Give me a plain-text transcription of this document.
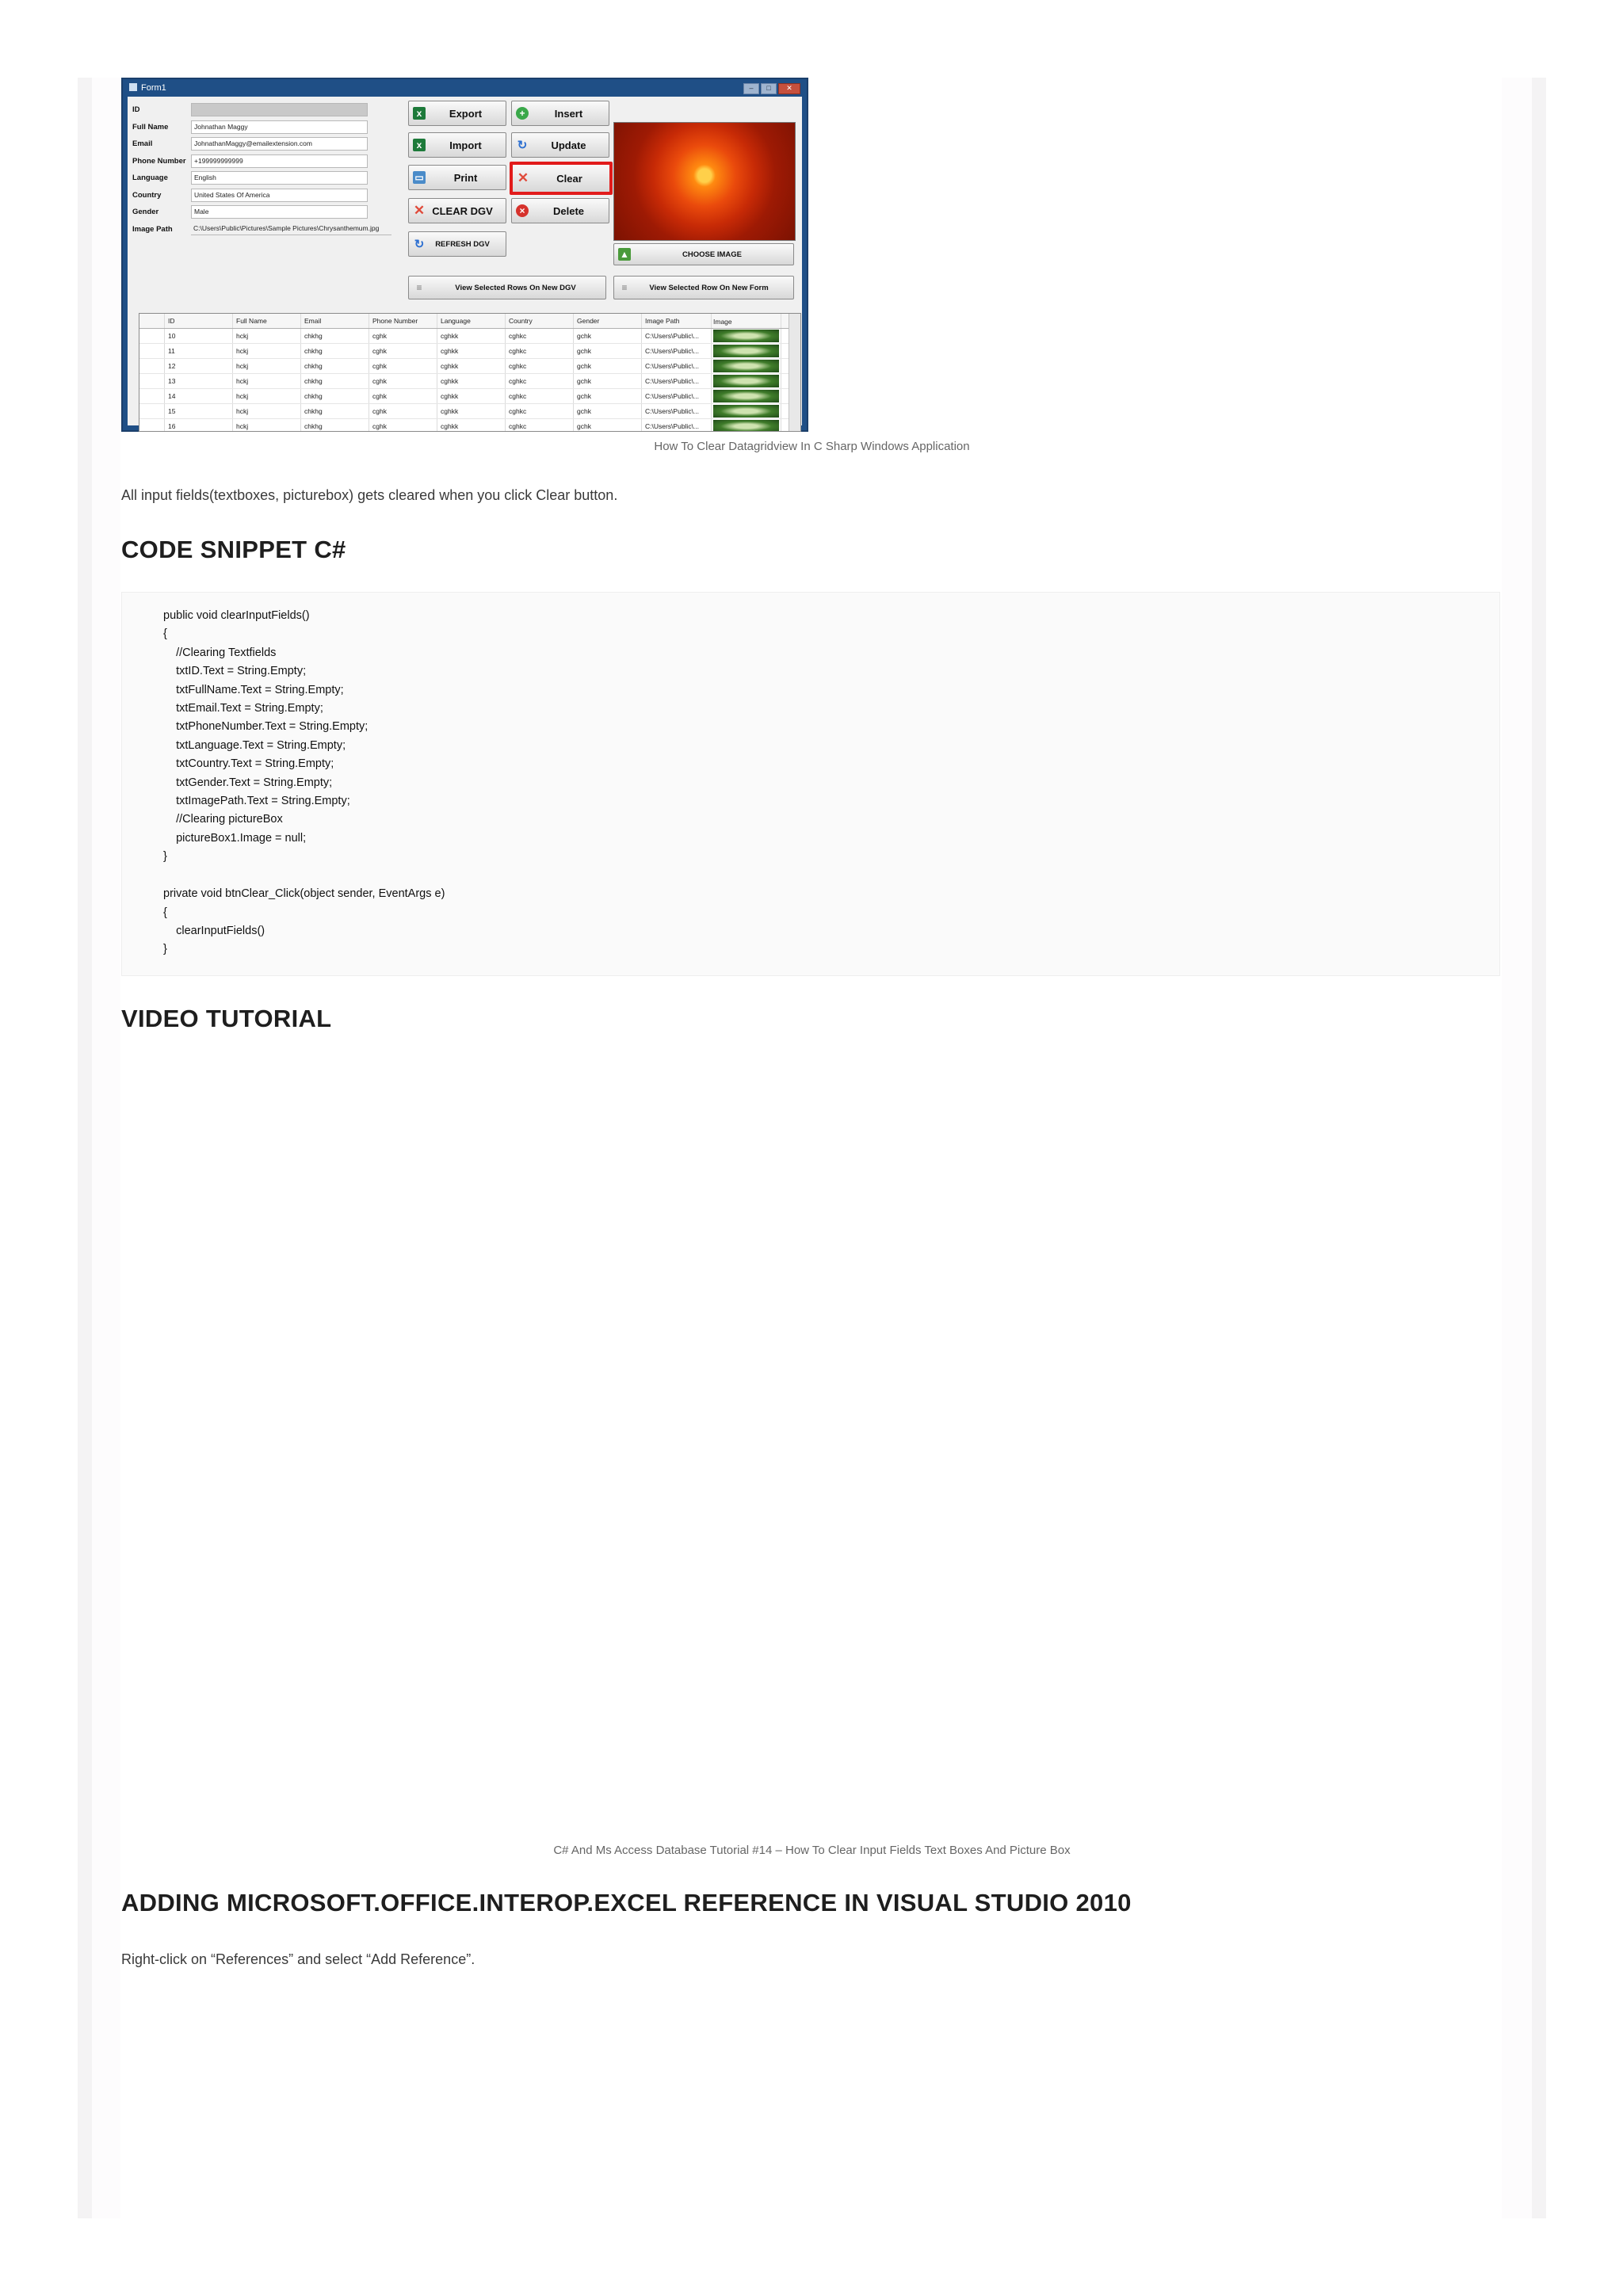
Form1	–	□	✕
ID
Full Name	Johnathan Maggy
Email	JohnathanMaggy@emailextension.com
Phone Number	+199999999999
Language	English
Country	United States Of America
Gender	Male
Image Path	C:\Users\Public\Pictures\Sample Pictures\Chrysanthemum.jpg
x	Export	+	Insert
x	Import	↻	Update
▭	Print	✕	Clear
✕ CLEAR DGV	×	Delete
↻	REFRESH DGV
▲	CHOOSE IMAGE
≡	View Selected Rows On New DGV	≡	View Selected Row On New Form
ID	Full Name	Email	Phone Number	Language	Country	Gender	Image Path	Image
10	hckj	chkhg	cghk	cghkk	cghkc	gchk	C:\Users\Public\...
11	hckj	chkhg	cghk	cghkk	cghkc	gchk	C:\Users\Public\...
12	hckj	chkhg	cghk	cghkk	cghkc	gchk	C:\Users\Public\...
13	hckj	chkhg	cghk	cghkk	cghkc	gchk	C:\Users\Public\...
14	hckj	chkhg	cghk	cghkk	cghkc	gchk	C:\Users\Public\...
15	hckj	chkhg	cghk	cghkk	cghkc	gchk	C:\Users\Public\...
16	hckj	chkhg	cghk	cghkk	cghkc	gchk	C:\Users\Public\...
How To Clear Datagridview In C Sharp Windows Application
All input fields(textboxes, picturebox) gets cleared when you click Clear button.
CODE SNIPPET C#
public void clearInputFields()
{
//Clearing Textfields
txtID.Text = String.Empty;
txtFullName.Text = String.Empty;
txtEmail.Text = String.Empty;
txtPhoneNumber.Text = String.Empty;
txtLanguage.Text = String.Empty;
txtCountry.Text = String.Empty;
txtGender.Text = String.Empty;
txtImagePath.Text = String.Empty;
//Clearing pictureBox
pictureBox1.Image = null;
}

private void btnClear_Click(object sender, EventArgs e)
{
clearInputFields()
}
VIDEO TUTORIAL
C# And Ms Access Database Tutorial #14 – How To Clear Input Fields Text Boxes And Picture Box
ADDING MICROSOFT.OFFICE.INTEROP.EXCEL REFERENCE IN VISUAL STUDIO 2010
Right-click on “References” and select “Add Reference”.
